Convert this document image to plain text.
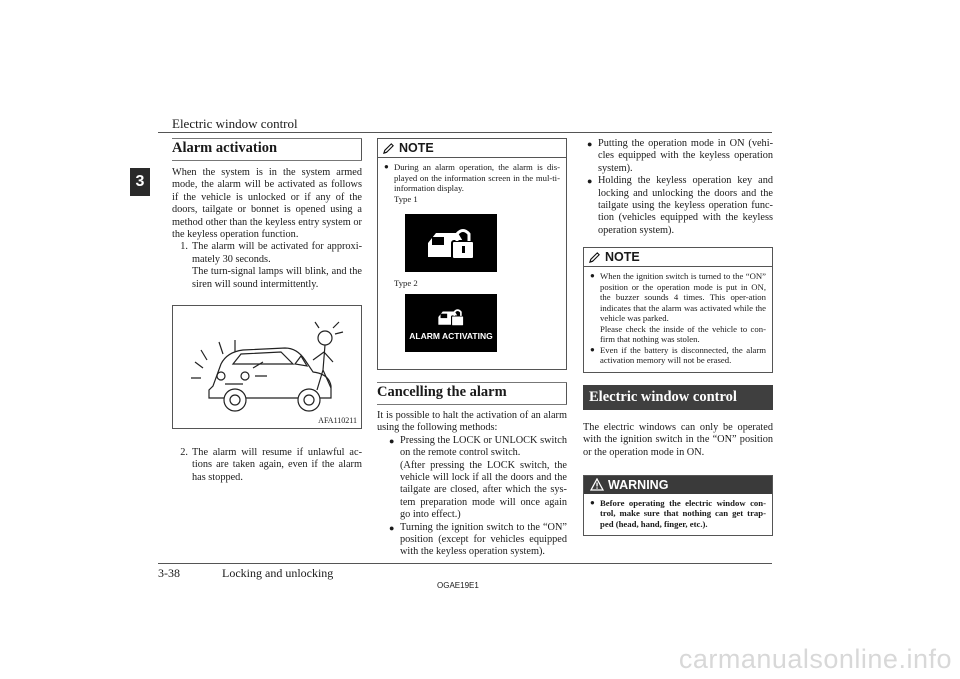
Electric window control
3
Alarm activation

When the system is in the system armed mode, the alarm will be activated as follows if the vehicle is unlocked or if any of the doors, tailgate or bonnet is opened using a method other than the keyless entry system or the keyless operation function.

1. The alarm will be activated for approxi-mately 30 seconds.
The turn-signal lamps will blink, and the siren will sound intermittently.
AFA110211
2. The alarm will resume if unlawful ac-tions are taken again, even if the alarm has stopped.
NOTE
● During an alarm operation, the alarm is dis-played on the information screen in the mul-ti-information display.
Type 1
Type 2
ALARM ACTIVATING
Cancelling the alarm

It is possible to halt the activation of an alarm using the following methods:

● Pressing the LOCK or UNLOCK switch on the remote control switch.
(After pressing the LOCK switch, the vehicle will lock if all the doors and the tailgate are closed, after which the sys-tem preparation mode will once again go into effect.)
● Turning the ignition switch to the “ON” position (except for vehicles equipped with the keyless operation system).
● Putting the operation mode in ON (vehi-cles equipped with the keyless operation system).
● Holding the keyless operation key and locking and unlocking the doors and the tailgate using the keyless operation func-tion (vehicles equipped with the keyless operation system).
NOTE
● When the ignition switch is turned to the “ON” position or the operation mode is put in ON, the buzzer sounds 4 times. This oper-ation indicates that the alarm was activated while the vehicle was parked.
Please check the inside of the vehicle to con-firm that nothing was stolen.
● Even if the battery is disconnected, the alarm activation memory will not be erased.
Electric window control

The electric windows can only be operated with the ignition switch in the “ON” position or the operation mode in ON.

WARNING
● Before operating the electric window con-trol, make sure that nothing can get trap-ped (head, hand, finger, etc.).
3-38	Locking and unlocking
OGAE19E1
carmanualsonline.info
